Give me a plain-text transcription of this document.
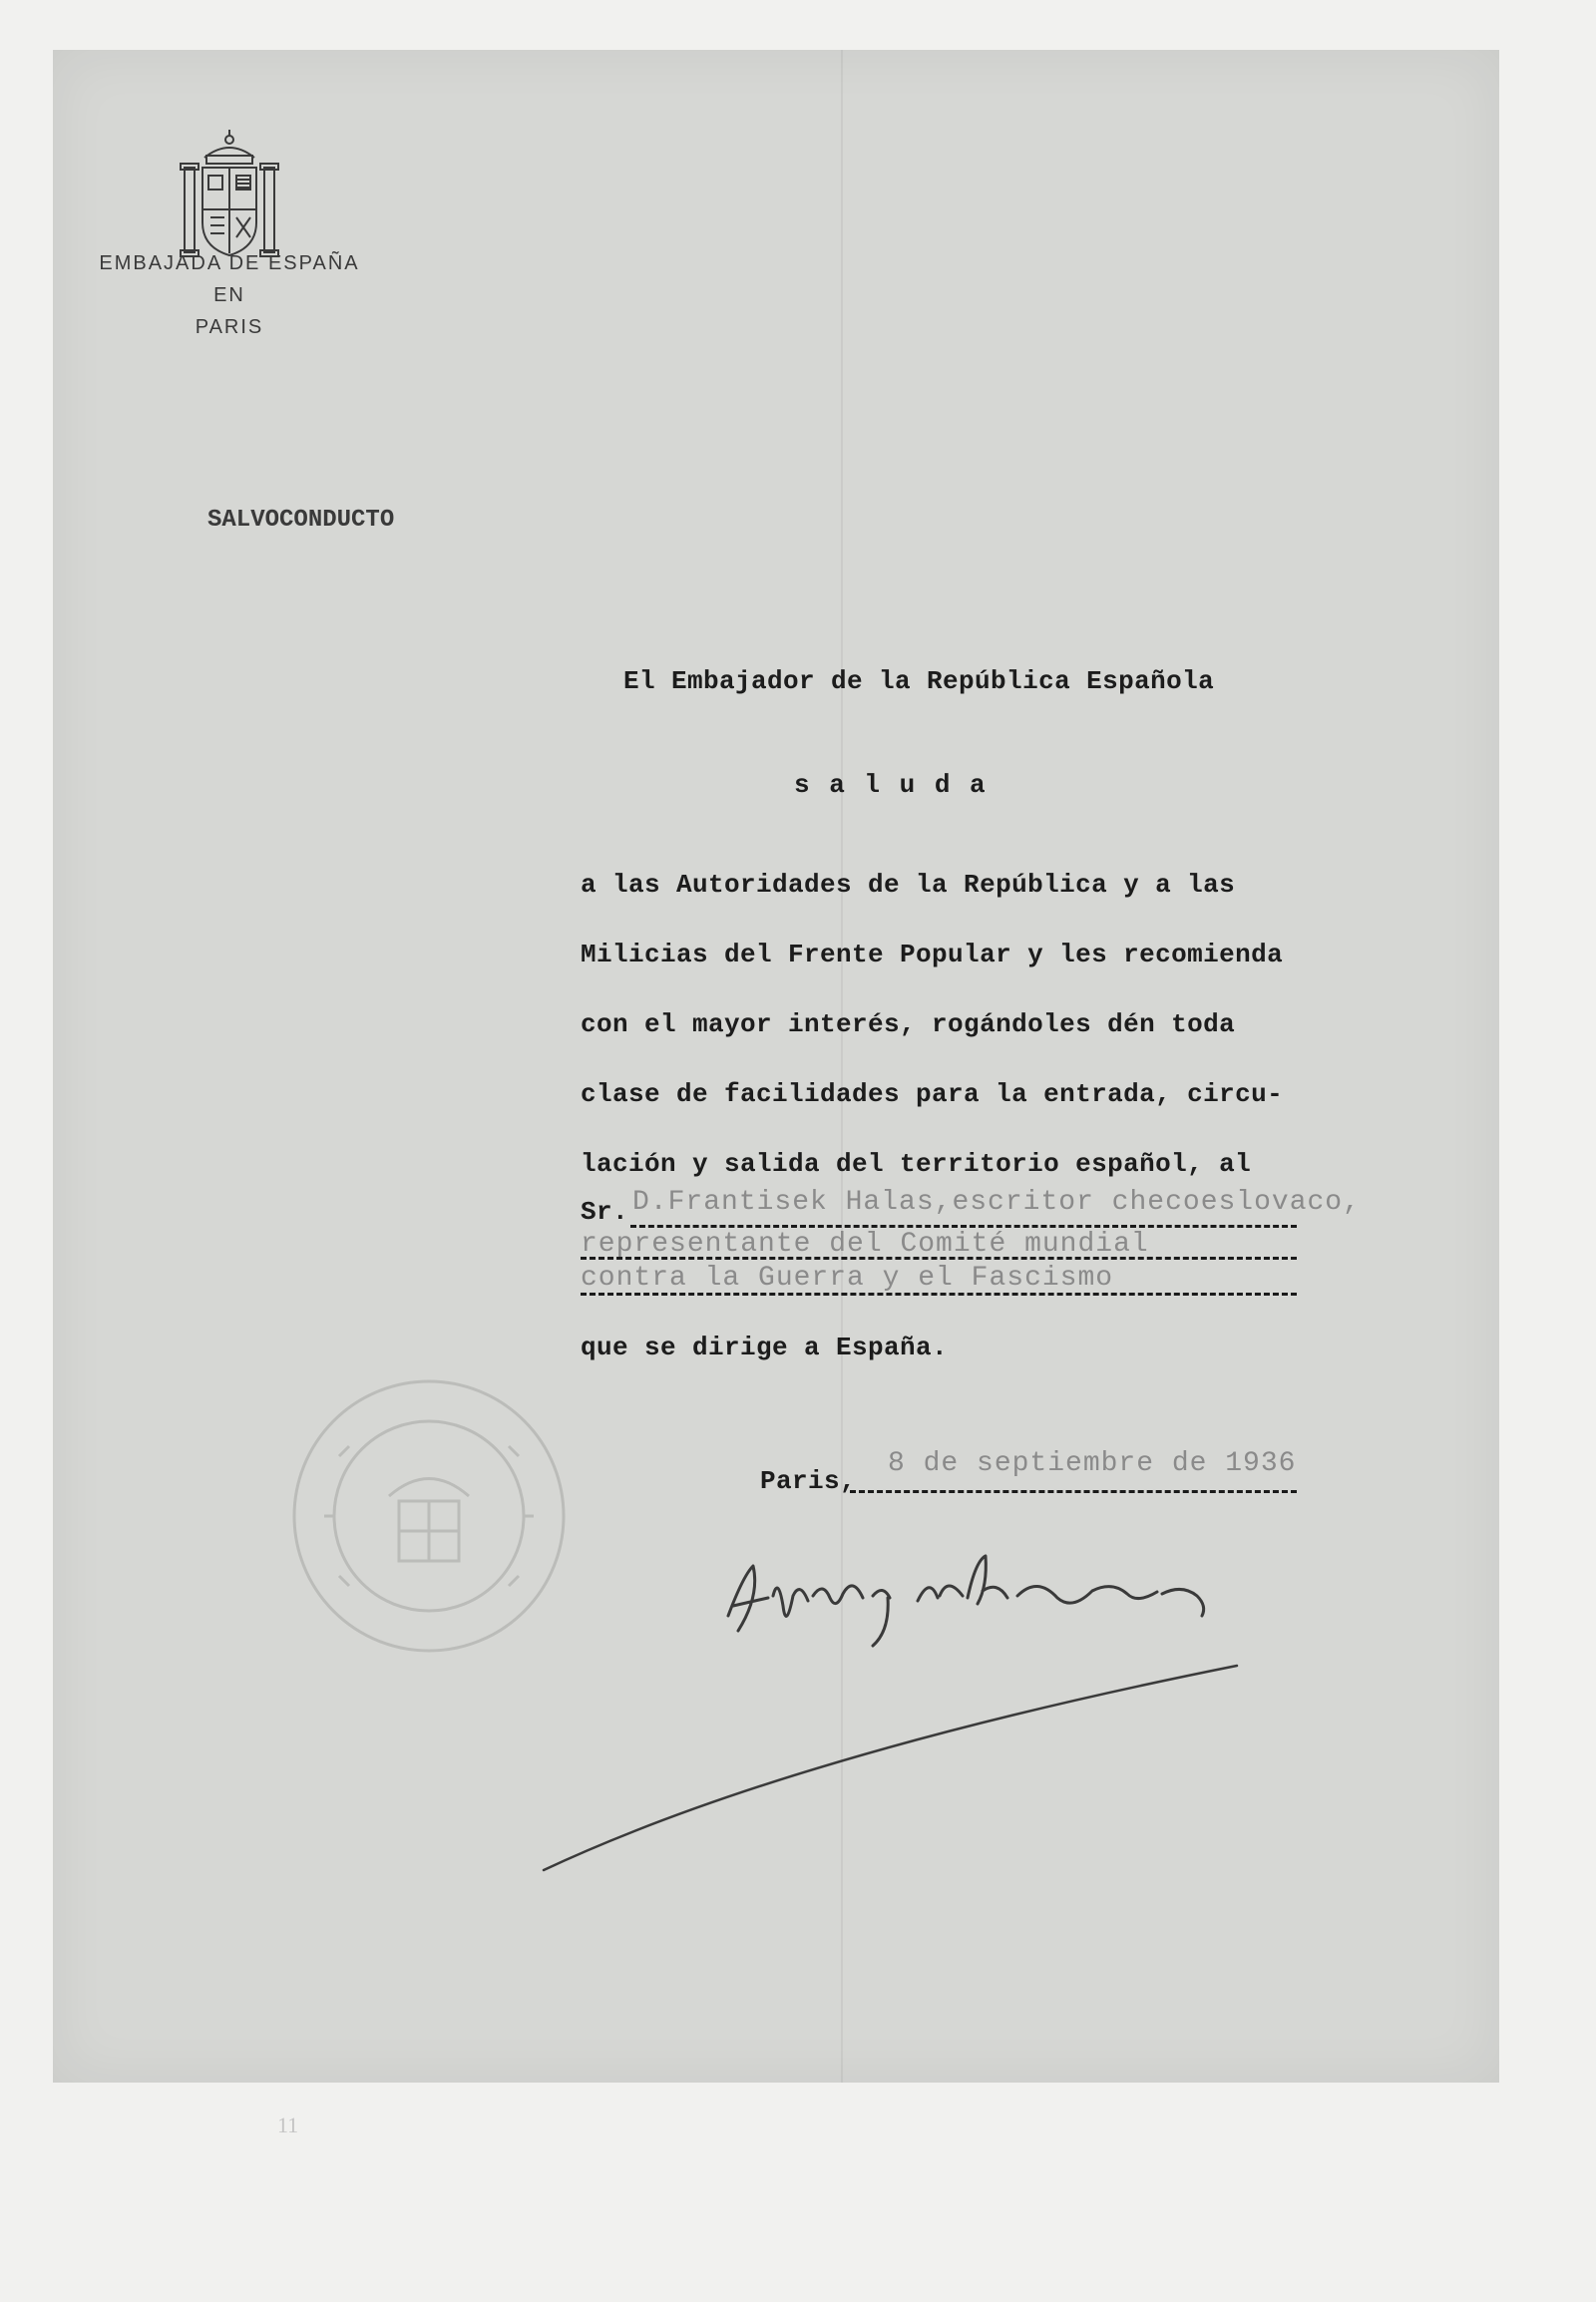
EMBAJADA DE ESPAÑA
EN
PARIS
SALVOCONDUCTO
El Embajador de la República Española
s a l u d a
a las Autoridades de la República y a las
Milicias del Frente Popular y les recomienda
con el mayor interés, rogándoles dén toda
clase de facilidades para la entrada, circu-
lación y salida del territorio español, al
Sr. D.Frantisek Halas,escritor checoeslovaco,
representante del Comité mundial
contra la Guerra y el Fascismo
que se dirige a España.
Paris,
8 de septiembre de 1936
11
